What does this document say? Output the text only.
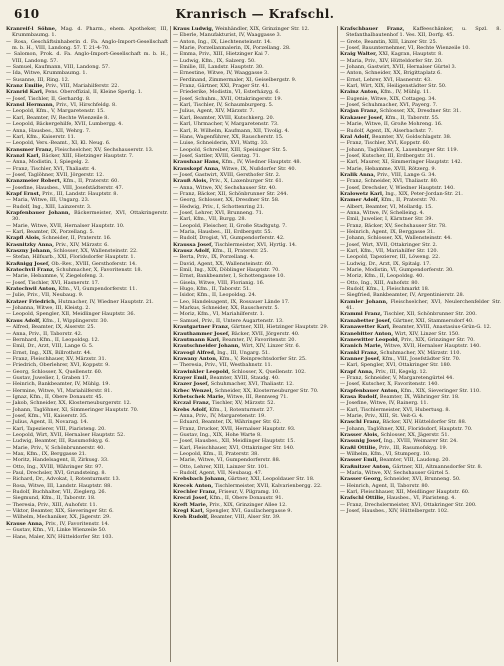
610	Kranrisch — Krafschl.

Kranreif-l Söhne, Mag. d. Pharm., ehem. Apotheker, III, Krummbaumg. 1.

— Rosa, Geschäftsinhaberin d. Fa. Anglo-Import-Gesellschaft m. b. H., VIII, Landong. 57. T. 21-4-70.

— Salomon, Prok. d. Fa. Anglo-Import-Gesellschaft m. b. H., VIII, Landong. 57.

— Samuel, Kaufmann, VIII, Landong. 57.

— Ida, Witwe, Krummbaumg. 1.

— Susanne, III, Ring. 12.

Kranz Emilie, Priv., VIII, Mariahilferstr. 22.

Kranrid Karl, Pens. Oberoffizial, II, Kleine Sperlg. 1.

— Josef, Tischler, II, Gerhardg. 8.

Kransl Hermann, Priv., VI, Hirschfeldg. 8.

— Leopold, Kfm., V, Margaretenstr. 15.

— Karl, Beamter, IV, Rechte Wienzeile 8.

— Leopold, Bäckergehilfe, XVII, Lumbergg. 4.

— Anna, Hausbes., XII, Wehrg. 7.

— Karl, Kfm., Kaiserstr. 11.

— Leopold, Vers.-Beamt., XI, Kl. Neug. 6.

Kransmer Franz, Fleischselcher, XV, Sechshauserstr. 13.

Kranzl Karl, Bäcker, XIII, Hietzinger Hauptstr. 7.

— Anna, Modistin, I, Spiegelg. 2.

— Franz, Tischler, XVI, Thaliastr. 4.

— Josef, Taglöhner, XVII, Jörgerstr. 12.

Kranzmeier Robert, Kfm., II, Praterstr. 60.

— Josefine, Hausbes., VIII, Josefstädterstr. 47.

Krapf Ernst, Priv., III, Landstr. Hauptstr. 8.

— Maria, Witwe, III, Ungarg. 23.

— Rudolf, Ing., XIII, Lainzerstr. 3.

Krapfenbauer Johann, Bäckermeister, XVI, Ottakringerstr. 30.

— Marie, Witwe, XVII, Hernalser Hauptstr. 10.

— Karl, Beamter, IX, Porzellang. 5.

Krapfl Alois, Schneider, II, Praterstr. 16.

Krasnitzky Anna, Priv., XIV, Märzstr. 6.

Kraszny Johann, Schlosser, XX, Wallensteinstr. 22.

— Stefan, Hilfsarb., XXI, Floridsdorfer Hauptstr. 1.

Kraßnigg Josef, Ob.-Rev., XVIII, Gersthoferstr. 14.

Kratochvil Franz, Schuhmacher, X, Favoritenstr. 18.

— Marie, Hebamme, V, Ziegelofeng. 3.

— Josef, Tischler, XVI, Hasnerstr. 17.

Kratochwil Anton, Kfm., VI, Gumpendorferstr. 11.

— Julie, Priv., VII, Neubaug. 9.

Kratzer Friedrich, Hutmacher, IV, Wiedner Hauptstr. 21.

— Johanna, Witwe, III, Kleistg. 2.

— Leopold, Spengler, XII, Meidlinger Hauptstr. 36.

Kraus Adolf, Kfm., I, Wipplingerstr. 30.

— Alfred, Beamter, IX, Alserstr. 25.

— Anna, Priv., II, Taborstr. 42.

— Bernhard, Kfm., II, Leopoldsg. 12.

— Emil, Dr., Arzt, VIII, Lange G. 5.

— Ernst, Ing., XIX, Billrothstr. 44.

— Franz, Fleischhauer, XV, Märzstr. 31.

— Friedrich, Oberlehrer, XVI, Koppstr. 9.

— Georg, Schlosser, X, Quellenstr. 60.

— Gustav, Juwelier, I, Graben 17.

— Heinrich, Bankbeamter, IV, Mühlg. 19.

— Hermine, Witwe, VI, Mariahilferstr. 81.

— Ignaz, Kfm., II, Obere Donaustr. 45.

— Jakob, Schneider, XX, Klosterneuburgerstr. 12.

— Johann, Taglöhner, XI, Simmeringer Hauptstr. 70.

— Josef, Kfm., VII, Kaiserstr. 35.

— Julius, Agent, II, Novarag. 14.

— Karl, Tapezierer, VIII, Piaristeng. 20.

— Leopold, Wirt, XVII, Hernalser Hauptstr. 52.

— Ludwig, Beamter, III, Rasumofskyg. 6.

— Marie, Priv., V, Schönbrunnerstr. 40.

— Max, Kfm., IX, Berggasse 21.

— Moritz, Handelsagent, II, Zirkusg. 33.

— Otto, Ing., XVIII, Währinger Str. 97.

— Paul, Drechsler, XVI, Grundsteing. 8.

— Richard, Dr., Advokat, I, Rotenturmstr. 13.

— Rosa, Witwe, III, Landstr. Hauptstr. 88.

— Rudolf, Buchhalter, VII, Zieglerg. 26.

— Siegmund, Kfm., II, Taborstr. 18.

— Theresia, Priv., XIII, Auhofstr. 11.

— Viktor, Beamter, XIX, Sieveringer Str. 6.

— Wilhelm, Mechaniker, XX, Jägerstr. 29.

Krause Anna, Priv., IV, Favoritenstr. 14.

— Gustav, Kfm., VI, Linke Wienzeile 50.

— Hans, Maler, XIV, Hütteldorfer Str. 103.

Kraus Ludwig, Weinhändler, XIX, Grinzinger Str. 12.

— Eberle, Manufakturist, IV, Waaggasse 3.

— Anton, Ing., IX, Liechtensteinstr. 14.

— Marie, Porzellanmalerin, IX, Porzellang. 28.

— Emma, Priv., XIII, Hietzinger Kai 7.

— Ludwig, Kfm., IX, Salzerg. 50.

— Emilie, III, Landstr. Hauptstr. 30.

— Ernestine, Witwe, IV, Waaggasse 3.

— Ferdinand, Zimmermaler, XI, Geiselbergstr. 9.

— Franz, Gärtner, XXI, Prager Str. 41.

— Friederike, Modistin, VI, Esterházyg. 6.

— Josef, Schuhm., XVII, Ottakringerstr. 19.

— Karl, Tischler, IV, Schaumburgerg. 5.

— Julius, Agent, XIV, Märzstr. 7.

— Karl, Beamter, XVIII, Kutschkerg. 20.

— Karl, Uhrmacher, V, Margaretenstr. 73.

— Karl, R. Wilhelm, Kaufmann, XII, Tivolig. 4.

— Hans, Wagenführer, XX, Rauscherstr. 15.

— Luise, Schneiderin, XVI, Wattg. 33.

— Leopold, Schreiber, XIII, Speisinger Str. 5.

— Josef, Sattler, XVIII, Gentzg. 71.

Kraushaar Hans, Kfm., IV, Wiedner Hauptstr. 48.

Krauskopf Anna, Witwe, IX, Nußdorfer Str. 40.

— Josef, Gastwirt, XVIII, Gersthofer Str. 2.

Krauß Alois, Priv., X, Laxenburger Str. 61.

— Anna, Witwe, XV, Sechshauser Str. 40.

— Franz, Bäcker, XII, Schönbrunner Str. 244.

— Georg, Schlosser, XX, Dresdner Str. 58.

— Hedwig, Priv., I, Schottenring 21.

— Josef, Lehrer, XVI, Brunneng. 71.

— Karl, Kfm., VII, Burgg. 28.

— Leopold, Fleischer, II, Große Stadtgutg. 7.

— Maria, Hausbes., III, Erdbergstr. 55.

— Rudolf, Drogist, VI, Gumpendorferstr. 42.

Kraussa Josef, Tischlermeister, XVI, Hyrtlg. 14.

Krausz Adolf, Kfm., II, Praterstr. 25.

— Berta, Priv., IX, Porzellang. 4.

— David, Agent, XX, Wallensteinstr. 60.

— Emil, Ing., XIX, Döblinger Hauptstr. 70.

— Ernst, Bankbeamter, I, Schottengasse 10.

— Gisela, Witwe, VIII, Florianig. 16.

— Hugo, Kfm., II, Taborstr. 51.

— Isidor, Kfm., II, Leopoldsg. 24.

— Leo, Handelsagent, IX, Rossauer Lände 17.

— Markus, Schneider, XX, Rauscherstr. 5.

— Moriz, Kfm., VI, Mariahilferstr. 1.

— Samuel, Priv., II, Untere Augartenstr. 13.

Krautgartner Franz, Gärtner, XIII, Hietzinger Hauptstr. 29.

Krauthammer Josef, Bäcker, XVII, Jörgerstr. 40.

Krautmann Karl, Beamter, IV, Favoritenstr. 20.

Krautschneider Johann, Wirt, XIV, Linzer Str. 6.

Kravogl Alfred, Ing., III, Ungarg. 51.

Krawany Anton, Kfm., V, Reinprechtsdorfer Str. 25.

— Theresia, Priv., VII, Westbahnstr. 11.

Krawinkler Leopold, Schlosser, X, Quellenstr. 102.

Krayer Emil, Beamter, XVIII, Staudg. 40.

Krazer Josef, Schuhmacher, XVI, Thaliastr. 12.

Krbec Wenzel, Schneider, XX, Klosterneuburger Str. 70.

Krbetschek Marie, Witwe, III, Rennweg 71.

Krczal Franz, Tischler, XV, Märzstr. 52.

Krebs Adolf, Kfm., I, Rotenturmstr. 27.

— Anna, Priv., IV, Margaretenstr. 19.

— Eduard, Beamter, IX, Währinger Str. 62.

— Franz, Drucker, XVII, Hernalser Hauptstr. 93.

— Gustav, Ing., XIX, Hohe Warte 8.

— Josef, Hausbes., XII, Meidlinger Hauptstr. 15.

— Karl, Fleischhauer, XVI, Ottakringer Str. 140.

— Leopold, Kfm., II, Praterstr. 38.

— Marie, Witwe, VI, Gumpendorferstr. 88.

— Otto, Lehrer, XIII, Lainzer Str. 101.

— Rudolf, Agent, VII, Neubaug. 47.

Krebsbach Johann, Gärtner, XXI, Leopoldauer Str. 18.

Krecek Anton, Tischlermeister, XVII, Kalvarienbergg. 22.

Krechler Franz, Friseur, V, Pilgramg. 10.

Kreczi Josef, Kfm., II, Obere Donaustr. 91.

Kreft Marie, Priv., XIX, Grinzinger Allee 12.

Kregl Karl, Spengler, XVI, Gaullachergasse 9.

Kreh Rudolf, Beamter, VIII, Alser Str. 39.

Krafschbauer Franz, Kaffeeschänker, u. Spzl. 8. Stefanthalbautenhof 1. Ves. XII, Dorfg. 45.

— Grete, Beamtin, XIII, Linzer Str. 25.

— Josef, Bauunternehmer, VI, Rechte Wienzeile 10.

Kraig Walter, XXI, Kagran, Hauptstr. 8.

— Maria, Priv., XIV, Hütteldorfer Str. 20.

— Johann, Gastwirt, XVII, Hernalser Gürtel 3.

— Anton, Schneider, XX, Brigittaplatz 6.

— Ernst, Lehrer, XVI, Hasnerstr. 43.

— Karl, Wirt, XIX, Heiligenstädter Str. 50.

Krainz Anton, Kfm., IV, Mühlg. 11.

— Eugenie, Witwe, XIX, Cottageg. 34.

— Josef, Schuhmacher, XVI, Payerg. 7.

Krajan Franz, Schlosser, XX, Dresdner Str. 31.

Krakauer Josef, Kfm., II, Taborstr. 55.

— Marie, Witwe, II, Große Mohreng. 16.

— Rudolf, Agent, IX, Alserbachstr. 7.

Kral Adolf, Beamter, XV, Goldschlagstr. 38.

— Franz, Tischler, XVI, Koppstr. 60.

— Johann, Taglöhner, X, Laxenburger Str. 119.

— Josef, Kutscher, III, Erdbergstr. 31.

— Karl, Maurer, XI, Simmeringer Hauptstr. 142.

— Marie, Hebamme, XVII, Rötzerg. 9.

Kralik Anna, Priv., VIII, Lange G. 34.

— Franz, Schneider, XVI, Thaliastr. 80.

— Josef, Drechsler, V, Wiedner Hauptstr. 140.

Kralowetz Karl, Ing., XIX, Peter-Jordan-Str. 21.

Kramer Adolf, Kfm., II, Praterstr. 70.

— Albert, Beamter, VI, Mollardg. 15.

— Anna, Witwe, IV, Schelleing. 4.

— Emil, Juwelier, I, Kärntner Str. 39.

— Franz, Bäcker, XV, Sechshauser Str. 78.

— Heinrich, Agent, IX, Berggasse 31.

— Johann, Schlosser, XX, Wallensteinstr. 44.

— Josef, Wirt, XVII, Ottakringer Str. 2.

— Karl, Kfm., VII, Mariahilfer Str. 120.

— Leopold, Tapezierer, III, Löweng. 22.

— Ludwig, Dr., Arzt, IX, Spitalg. 17.

— Marie, Modistin, VI, Gumpendorferstr. 30.

— Moriz, Kfm., II, Leopoldsg. 40.

— Otto, Ing., XIII, Auhofstr. 80.

— Rudolf, Kfm., I, Fleischmarkt 18.

— Siegfried, Bankbeamter, IV, Argentinierstr. 28.

Kramler Johann, Fleischselcher, XVI, Neulerchenfelder Str. 41.

Kramml Franz, Tischler, XII, Schönbrunner Str. 200.

Kranabetter Josef, Gärtner, XXI, Stammersdorf 40.

Kranawetter Karl, Beamter, XVIII, Anastasius-Grün-G. 12.

Kranebitter Anton, Wirt, XIV, Linzer Str. 150.

Kranewitter Leopold, Priv., XIX, Grinzinger Str. 70.

Kranich Marie, Witwe, XVII, Hernalser Hauptstr. 140.

Krankl Franz, Schuhmacher, XV, Märzstr. 110.

Kranner Josef, Kfm., VIII, Josefstädter Str. 70.

— Karl, Spengler, XVI, Ottakringer Str. 180.

Krapf Anna, Priv., III, Kegelg. 12.

— Franz, Schneider, V, Margaretengürtel 44.

— Josef, Kutscher, X, Favoritenstr. 140.

Krapfenbauer Anton, Kfm., XIX, Sieveringer Str. 110.

Krasa Rudolf, Beamter, IX, Währinger Str. 18.

— Josefine, Witwe, IV, Rainerg. 11.

— Karl, Tischlermeister, XVI, Hubertusg. 8.

— Marie, Priv., XIII, St. Veit-G. 4.

Kraschl Franz, Bäcker, XIV, Hütteldorfer Str. 88.

— Johann, Taglöhner, XXI, Floridsdorf, Hauptstr. 70.

Krasser Alois, Schlosser, XX, Jägerstr. 51.

Krassnig Josef, Ing., XVIII, Weimarer Str. 24.

Kraßl Ottilie, Priv., III, Rasumofskyg. 19.

— Wilhelm, Kfm., VI, Stumperg. 10.

Krasser Emil, Beamter, VIII, Laudong. 20.

Kraßnitzer Anton, Gärtner, XII, Altmannsdorfer Str. 8.

— Maria, Witwe, XV, Sechshauser Gürtel 5.

Krasser Georg, Schneider, XVI, Brunneng. 50.

— Heinrich, Agent, II, Taborstr. 80.

— Karl, Fleischhauer, XII, Meidlinger Hauptstr. 60.

Krafschl Ottilie, Hausbes., VI, Piaristeng. 4.

— Franz, Drechslermeister, XVI, Ottakringer Str. 200.

— Josef, Hausbes., XIV, Hüttelbergstr. 102.
